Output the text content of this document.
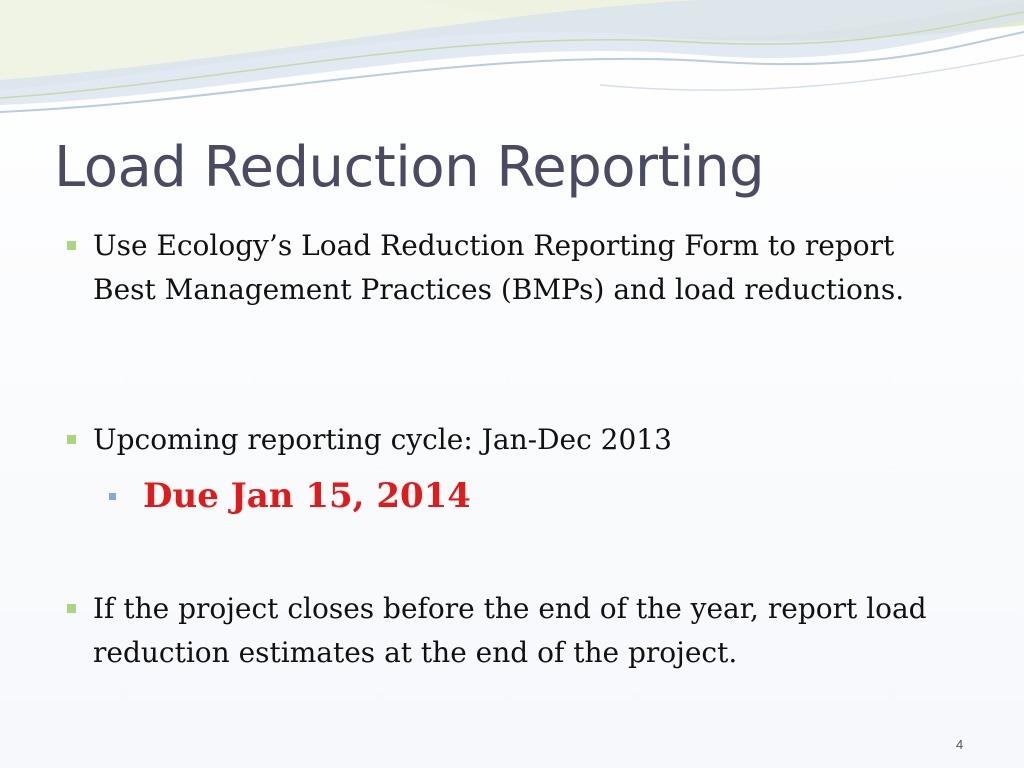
Load Reduction Reporting

Use Ecology’s Load Reduction Reporting Form to report Best Management Practices (BMPs) and load reductions.

Upcoming reporting cycle: Jan-Dec 2013

Due Jan 15, 2014

If the project closes before the end of the year, report load reduction estimates at the end of the project.

4
